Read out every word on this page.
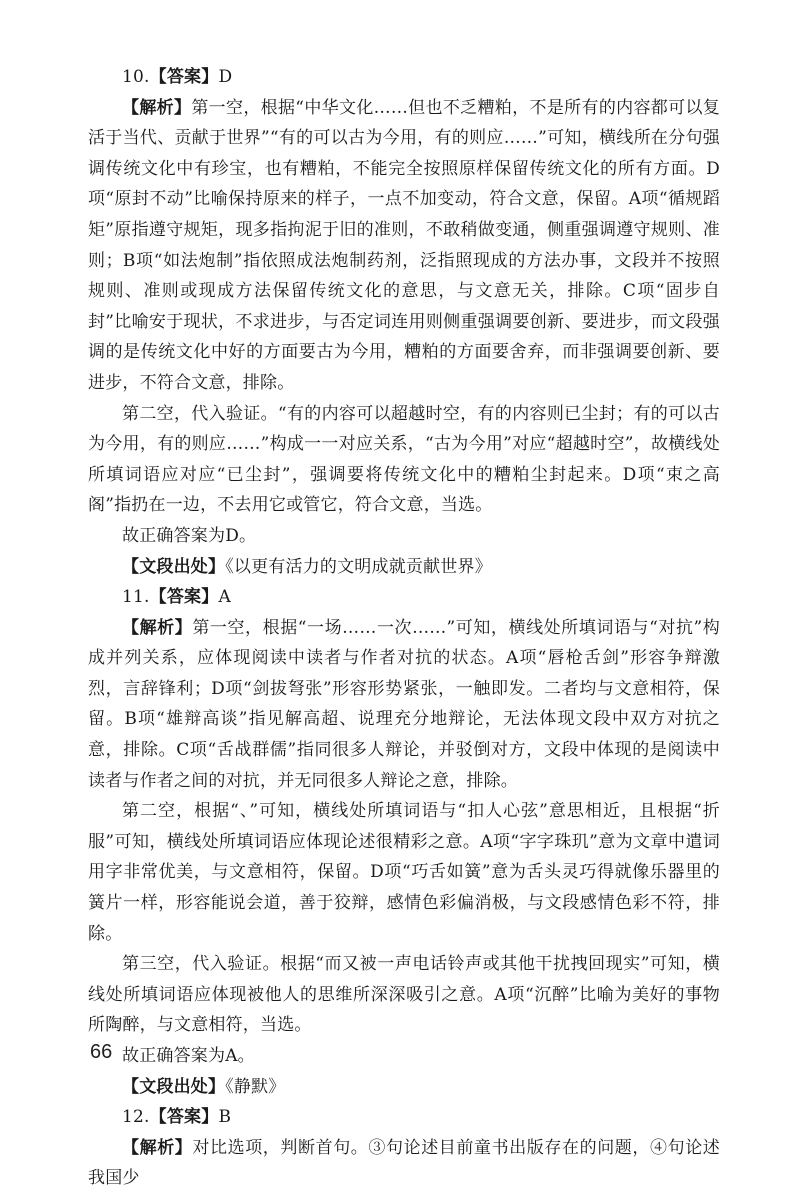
10.【答案】D

【解析】第一空，根据“中华文化……但也不乏糟粕，不是所有的内容都可以复活于当代、贡献于世界”“有的可以古为今用，有的则应……”可知，横线所在分句强调传统文化中有珍宝，也有糟粕，不能完全按照原样保留传统文化的所有方面。D项“原封不动”比喻保持原来的样子，一点不加变动，符合文意，保留。A项“循规蹈矩”原指遵守规矩，现多指拘泥于旧的准则，不敢稍做变通，侧重强调遵守规则、准则；B项“如法炮制”指依照成法炮制药剂，泛指照现成的方法办事，文段并不按照规则、准则或现成方法保留传统文化的意思，与文意无关，排除。C项“固步自封”比喻安于现状，不求进步，与否定词连用则侧重强调要创新、要进步，而文段强调的是传统文化中好的方面要古为今用，糟粕的方面要舍弃，而非强调要创新、要进步，不符合文意，排除。

第二空，代入验证。“有的内容可以超越时空，有的内容则已尘封；有的可以古为今用，有的则应……”构成一一对应关系，“古为今用”对应“超越时空”，故横线处所填词语应对应“已尘封”，强调要将传统文化中的糟粕尘封起来。D项“束之高阁”指扔在一边，不去用它或管它，符合文意，当选。

故正确答案为D。

【文段出处】《以更有活力的文明成就贡献世界》

11.【答案】A

【解析】第一空，根据“一场……一次……”可知，横线处所填词语与“对抗”构成并列关系，应体现阅读中读者与作者对抗的状态。A项“唇枪舌剑”形容争辩激烈，言辞锋利；D项“剑拔弩张”形容形势紧张，一触即发。二者均与文意相符，保留。B项“雄辩高谈”指见解高超、说理充分地辩论，无法体现文段中双方对抗之意，排除。C项“舌战群儒”指同很多人辩论，并驳倒对方，文段中体现的是阅读中读者与作者之间的对抗，并无同很多人辩论之意，排除。

第二空，根据“、”可知，横线处所填词语与“扣人心弦”意思相近，且根据“折服”可知，横线处所填词语应体现论述很精彩之意。A项“字字珠玑”意为文章中遣词用字非常优美，与文意相符，保留。D项“巧舌如簧”意为舌头灵巧得就像乐器里的簧片一样，形容能说会道，善于狡辩，感情色彩偏消极，与文段感情色彩不符，排除。

第三空，代入验证。根据“而又被一声电话铃声或其他干扰拽回现实”可知，横线处所填词语应体现被他人的思维所深深吸引之意。A项“沉醉”比喻为美好的事物所陶醉，与文意相符，当选。

故正确答案为A。

【文段出处】《静默》

12.【答案】B

【解析】对比选项，判断首句。③句论述目前童书出版存在的问题，④句论述我国少

66
